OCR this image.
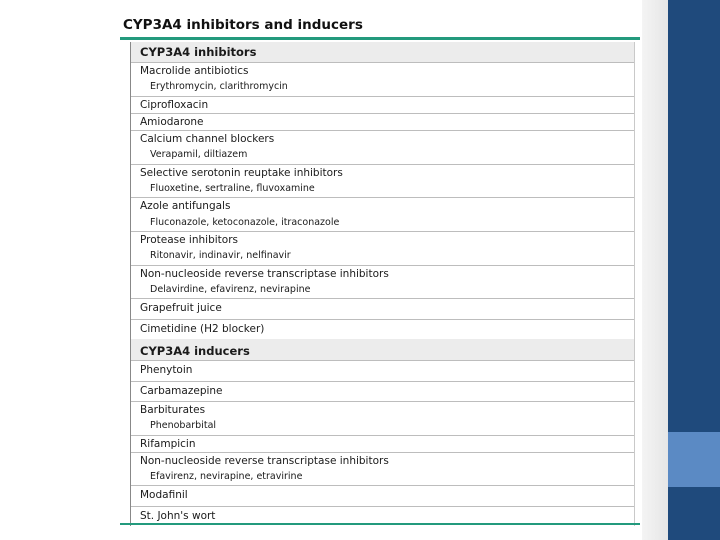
CYP3A4 inhibitors and inducers
CYP3A4 inhibitors
Macrolide antibiotics
Erythromycin, clarithromycin
Ciprofloxacin
Amiodarone
Calcium channel blockers
Verapamil, diltiazem
Selective serotonin reuptake inhibitors
Fluoxetine, sertraline, fluvoxamine
Azole antifungals
Fluconazole, ketoconazole, itraconazole
Protease inhibitors
Ritonavir, indinavir, nelfinavir
Non-nucleoside reverse transcriptase inhibitors
Delavirdine, efavirenz, nevirapine
Grapefruit juice
Cimetidine (H2 blocker)
CYP3A4 inducers
Phenytoin
Carbamazepine
Barbiturates
Phenobarbital
Rifampicin
Non-nucleoside reverse transcriptase inhibitors
Efavirenz, nevirapine, etravirine
Modafinil
St. John's wort
